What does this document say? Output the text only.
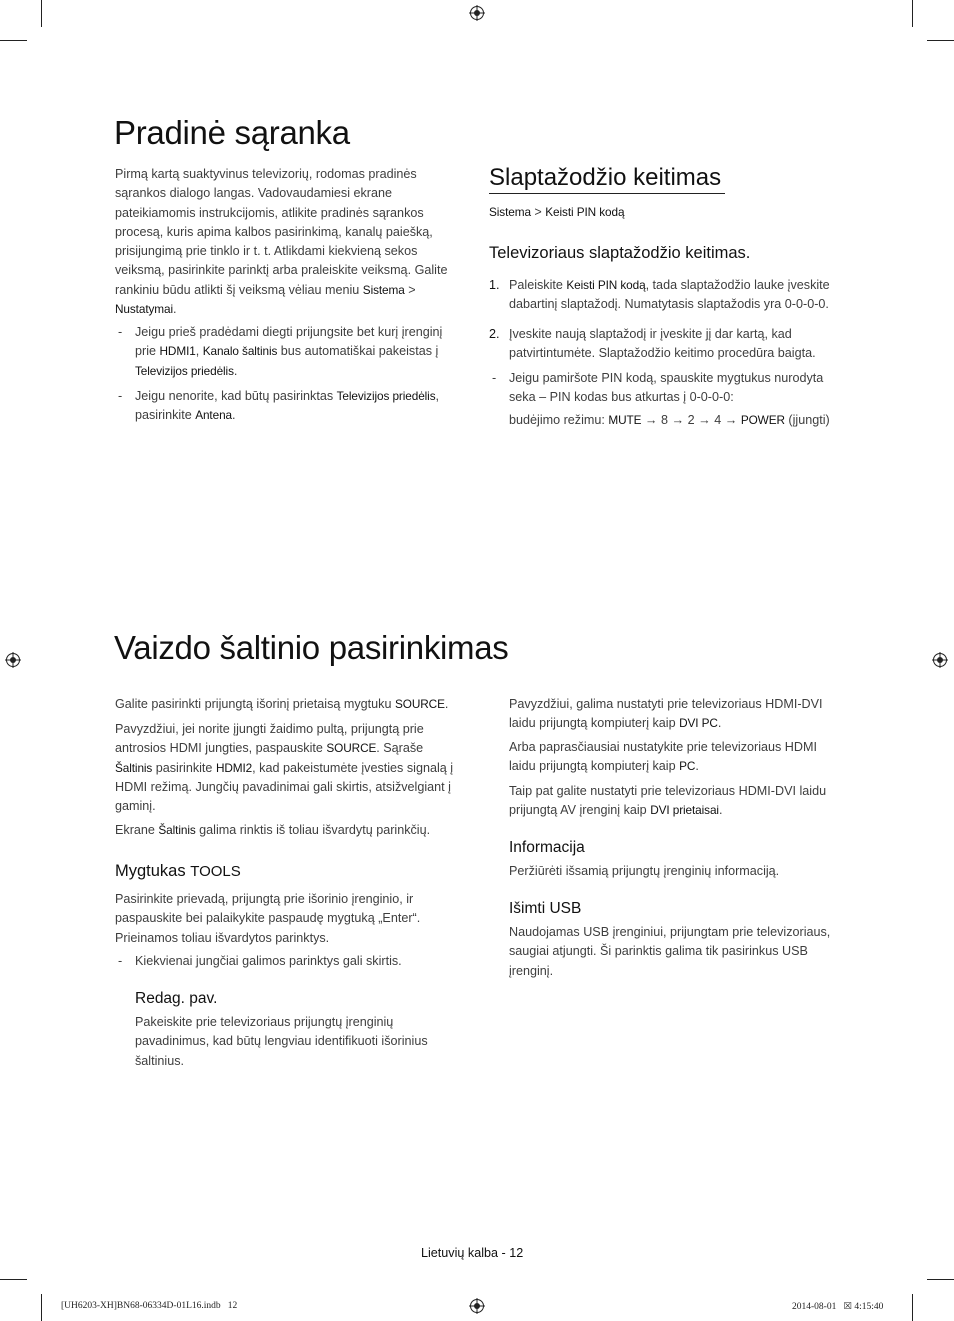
Pradinė sąranka

Pirmą kartą suaktyvinus televizorių, rodomas pradinės sąrankos dialogo langas. Vadovaudamiesi ekrane pateikiamomis instrukcijomis, atlikite pradinės sąrankos procesą, kuris apima kalbos pasirinkimą, kanalų paiešką, prisijungimą prie tinklo ir t. t. Atlikdami kiekvieną sekos veiksmą, pasirinkite parinktį arba praleiskite veiksmą. Galite rankiniu būdu atlikti šį veiksmą vėliau meniu Sistema > Nustatymai.

- Jeigu prieš pradėdami diegti prijungsite bet kurį įrenginį prie HDMI1, Kanalo šaltinis bus automatiškai pakeistas į Televizijos priedėlis.

- Jeigu nenorite, kad būtų pasirinktas Televizijos priedėlis, pasirinkite Antena.

Slaptažodžio keitimas
Sistema > Keisti PIN kodą
Televizoriaus slaptažodžio keitimas.
1. Paleiskite Keisti PIN kodą, tada slaptažodžio lauke įveskite dabartinį slaptažodį. Numatytasis slaptažodis yra 0-0-0-0.

2. Įveskite naują slaptažodį ir įveskite jį dar kartą, kad patvirtintumėte. Slaptažodžio keitimo procedūra baigta.

- Jeigu pamiršote PIN kodą, spauskite mygtukus nurodyta seka – PIN kodas bus atkurtas į 0-0-0-0:

budėjimo režimu: MUTE → 8 → 2 → 4 → POWER (įjungti)

Vaizdo šaltinio pasirinkimas

Galite pasirinkti prijungtą išorinį prietaisą mygtuku SOURCE.

Pavyzdžiui, jei norite įjungti žaidimo pultą, prijungtą prie antrosios HDMI jungties, paspauskite SOURCE. Sąraše Šaltinis pasirinkite HDMI2, kad pakeistumėte įvesties signalą į HDMI režimą. Jungčių pavadinimai gali skirtis, atsižvelgiant į gaminį.

Ekrane Šaltinis galima rinktis iš toliau išvardytų parinkčių.

Mygtukas TOOLS

Pasirinkite prievadą, prijungtą prie išorinio įrenginio, ir paspauskite bei palaikykite paspaudę mygtuką „Enter“. Prieinamos toliau išvardytos parinktys.

- Kiekvienai jungčiai galimos parinktys gali skirtis.

Redag. pav.

Pakeiskite prie televizoriaus prijungtų įrenginių pavadinimus, kad būtų lengviau identifikuoti išorinius šaltinius.

Pavyzdžiui, galima nustatyti prie televizoriaus HDMI-DVI laidu prijungtą kompiuterį kaip DVI PC.

Arba paprasčiausiai nustatykite prie televizoriaus HDMI laidu prijungtą kompiuterį kaip PC.

Taip pat galite nustatyti prie televizoriaus HDMI-DVI laidu prijungtą AV įrenginį kaip DVI prietaisai.

Informacija

Peržiūrėti išsamią prijungtų įrenginių informaciją.

Išimti USB

Naudojamas USB įrenginiui, prijungtam prie televizoriaus, saugiai atjungti. Ši parinktis galima tik pasirinkus USB įrenginį.

Lietuvių kalba - 12
[UH6203-XH]BN68-06334D-01L16.indb   12	2014-08-01   ☒ 4:15:40
